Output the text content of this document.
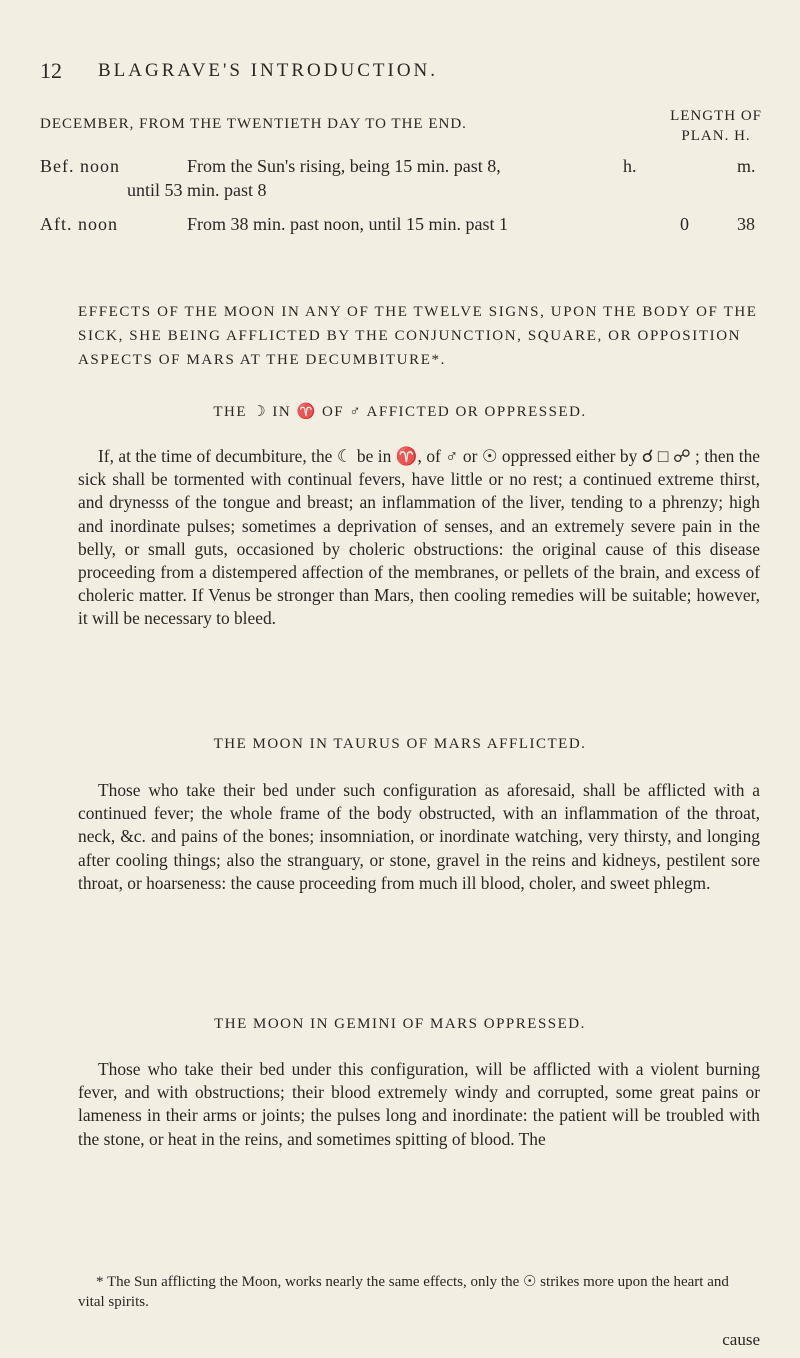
12 BLAGRAVE'S INTRODUCTION.
DECEMBER, FROM THE TWENTIETH DAY TO THE END.	LENGTH OF
PLAN. H.
Bef. noon	From the Sun's rising, being 15 min. past 8,	h.	m.
until 53 min. past 8
Aft. noon	From 38 min. past noon, until 15 min. past 1	0	38
EFFECTS OF THE MOON IN ANY OF THE TWELVE SIGNS, UPON THE BODY OF THE SICK, SHE BEING AFFLICTED BY THE CONJUNCTION, SQUARE, OR OPPOSITION ASPECTS OF MARS AT THE DECUMBITURE*.
THE ☽ IN ♈ OF ♂ AFFICTED OR OPPRESSED.
If, at the time of decumbiture, the ☾ be in ♈, of ♂ or ☉ oppressed either by ☌ □ ☍ ; then the sick shall be tormented with continual fevers, have little or no rest; a continued extreme thirst, and drynesss of the tongue and breast; an inflammation of the liver, tending to a phrenzy; high and inordinate pulses; sometimes a deprivation of senses, and an extremely severe pain in the belly, or small guts, occasioned by choleric obstructions: the original cause of this disease proceeding from a distempered affection of the membranes, or pellets of the brain, and excess of choleric matter. If Venus be stronger than Mars, then cooling remedies will be suitable; however, it will be necessary to bleed.
THE MOON IN TAURUS OF MARS AFFLICTED.
Those who take their bed under such configuration as aforesaid, shall be afflicted with a continued fever; the whole frame of the body obstructed, with an inflammation of the throat, neck, &c. and pains of the bones; insomniation, or inordinate watching, very thirsty, and longing after cooling things; also the stranguary, or stone, gravel in the reins and kidneys, pestilent sore throat, or hoarseness: the cause proceeding from much ill blood, choler, and sweet phlegm.
THE MOON IN GEMINI OF MARS OPPRESSED.
Those who take their bed under this configuration, will be afflicted with a violent burning fever, and with obstructions; their blood extremely windy and corrupted, some great pains or lameness in their arms or joints; the pulses long and inordinate: the patient will be troubled with the stone, or heat in the reins, and sometimes spitting of blood. The
* The Sun afflicting the Moon, works nearly the same effects, only the ☉ strikes more upon the heart and vital spirits.
cause
